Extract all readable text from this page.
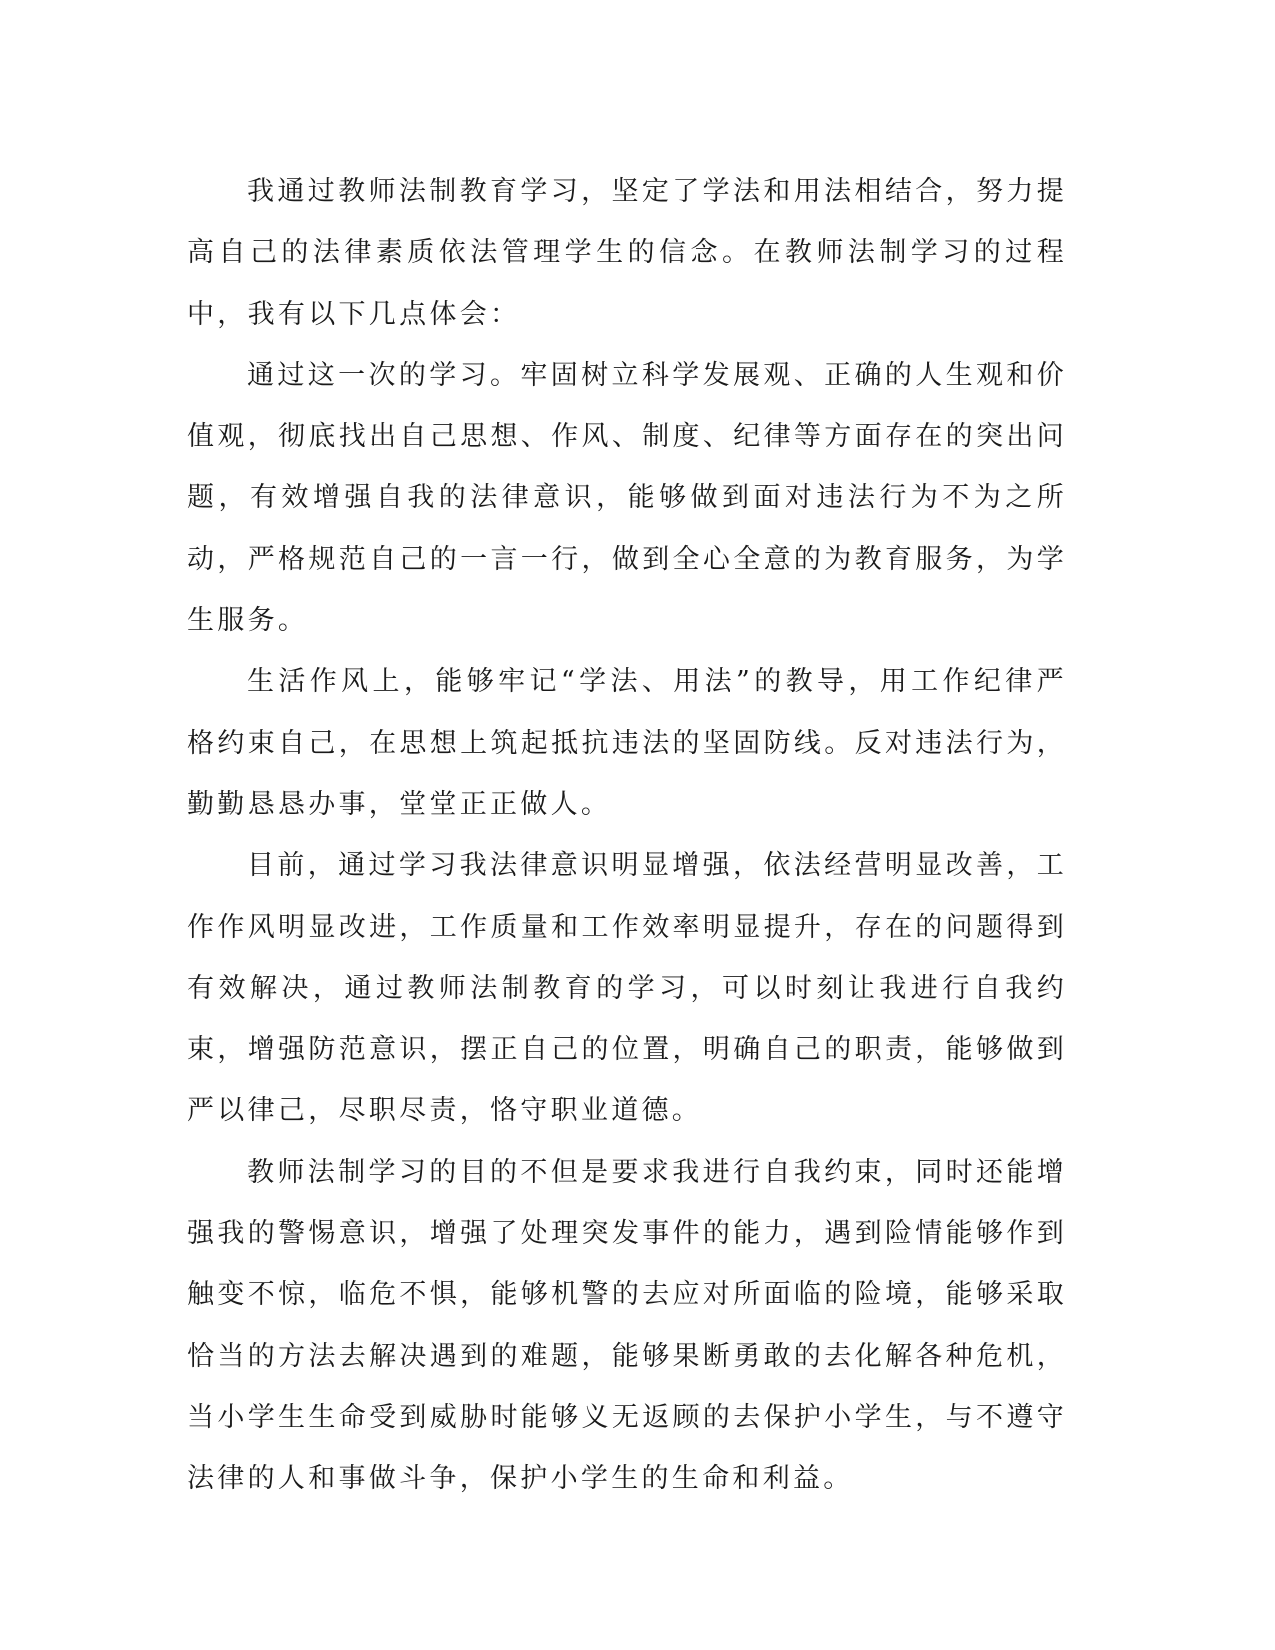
我通过教师法制教育学习，坚定了学法和用法相结合，努力提高自己的法律素质依法管理学生的信念。在教师法制学习的过程中，我有以下几点体会：

通过这一次的学习。牢固树立科学发展观、正确的人生观和价值观，彻底找出自己思想、作风、制度、纪律等方面存在的突出问题，有效增强自我的法律意识，能够做到面对违法行为不为之所动，严格规范自己的一言一行，做到全心全意的为教育服务，为学生服务。

生活作风上，能够牢记“学法、用法”的教导，用工作纪律严格约束自己，在思想上筑起抵抗违法的坚固防线。反对违法行为，勤勤恳恳办事，堂堂正正做人。

目前，通过学习我法律意识明显增强，依法经营明显改善，工作作风明显改进，工作质量和工作效率明显提升，存在的问题得到有效解决，通过教师法制教育的学习，可以时刻让我进行自我约束，增强防范意识，摆正自己的位置，明确自己的职责，能够做到严以律己，尽职尽责，恪守职业道德。

教师法制学习的目的不但是要求我进行自我约束，同时还能增强我的警惕意识，增强了处理突发事件的能力，遇到险情能够作到触变不惊，临危不惧，能够机警的去应对所面临的险境，能够采取恰当的方法去解决遇到的难题，能够果断勇敢的去化解各种危机，当小学生生命受到威胁时能够义无返顾的去保护小学生，与不遵守法律的人和事做斗争，保护小学生的生命和利益。
